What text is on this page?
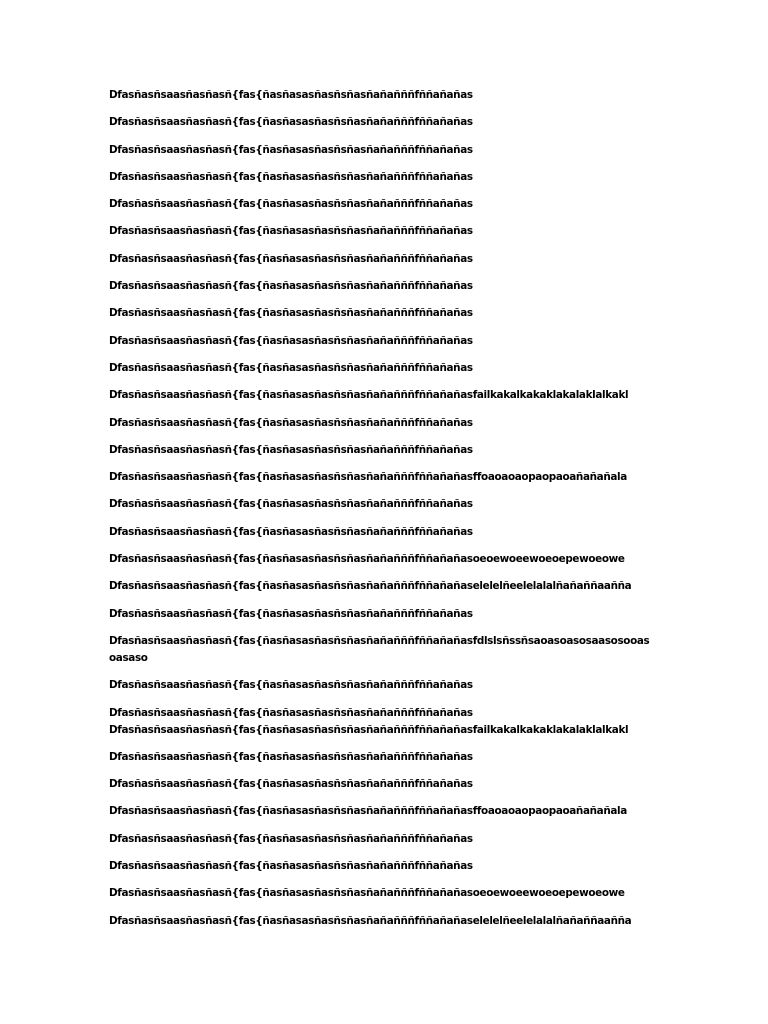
Dfasñasñsaasñasñasñ{fas{ñasñasasñasñsñasñañañññfññañañas

Dfasñasñsaasñasñasñ{fas{ñasñasasñasñsñasñañañññfññañañas

Dfasñasñsaasñasñasñ{fas{ñasñasasñasñsñasñañañññfññañañas

Dfasñasñsaasñasñasñ{fas{ñasñasasñasñsñasñañañññfññañañas

Dfasñasñsaasñasñasñ{fas{ñasñasasñasñsñasñañañññfññañañas

Dfasñasñsaasñasñasñ{fas{ñasñasasñasñsñasñañañññfññañañas

Dfasñasñsaasñasñasñ{fas{ñasñasasñasñsñasñañañññfññañañas

Dfasñasñsaasñasñasñ{fas{ñasñasasñasñsñasñañañññfññañañas

Dfasñasñsaasñasñasñ{fas{ñasñasasñasñsñasñañañññfññañañas

Dfasñasñsaasñasñasñ{fas{ñasñasasñasñsñasñañañññfññañañas

Dfasñasñsaasñasñasñ{fas{ñasñasasñasñsñasñañañññfññañañas

Dfasñasñsaasñasñasñ{fas{ñasñasasñasñsñasñañañññfññañañasfailkakalkakaklakalaklalkakl

Dfasñasñsaasñasñasñ{fas{ñasñasasñasñsñasñañañññfññañañas

Dfasñasñsaasñasñasñ{fas{ñasñasasñasñsñasñañañññfññañañas

Dfasñasñsaasñasñasñ{fas{ñasñasasñasñsñasñañañññfññañañasffoaoaoaopaopaoañañañala

Dfasñasñsaasñasñasñ{fas{ñasñasasñasñsñasñañañññfññañañas

Dfasñasñsaasñasñasñ{fas{ñasñasasñasñsñasñañañññfññañañas

Dfasñasñsaasñasñasñ{fas{ñasñasasñasñsñasñañañññfññañañasoeoewoeewoeoepewoeowe

Dfasñasñsaasñasñasñ{fas{ñasñasasñasñsñasñañañññfññañañaselelelñeelelalalñañaññaañña

Dfasñasñsaasñasñasñ{fas{ñasñasasñasñsñasñañañññfññañañas

Dfasñasñsaasñasñasñ{fas{ñasñasasñasñsñasñañañññfññañañasfdlslsñssñsaoasoasosaasosooas oasaso

Dfasñasñsaasñasñasñ{fas{ñasñasasñasñsñasñañañññfññañañas

Dfasñasñsaasñasñasñ{fas{ñasñasasñasñsñasñañañññfññañañas

Dfasñasñsaasñasñasñ{fas{ñasñasasñasñsñasñañañññfññañañasfailkakalkakaklakalaklalkakl

Dfasñasñsaasñasñasñ{fas{ñasñasasñasñsñasñañañññfññañañas

Dfasñasñsaasñasñasñ{fas{ñasñasasñasñsñasñañañññfññañañas

Dfasñasñsaasñasñasñ{fas{ñasñasasñasñsñasñañañññfññañañasffoaoaoaopaopaoañañañala

Dfasñasñsaasñasñasñ{fas{ñasñasasñasñsñasñañañññfññañañas

Dfasñasñsaasñasñasñ{fas{ñasñasasñasñsñasñañañññfññañañas

Dfasñasñsaasñasñasñ{fas{ñasñasasñasñsñasñañañññfññañañasoeoewoeewoeoepewoeowe

Dfasñasñsaasñasñasñ{fas{ñasñasasñasñsñasñañañññfññañañaselelelñeelelalalñañaññaañña
